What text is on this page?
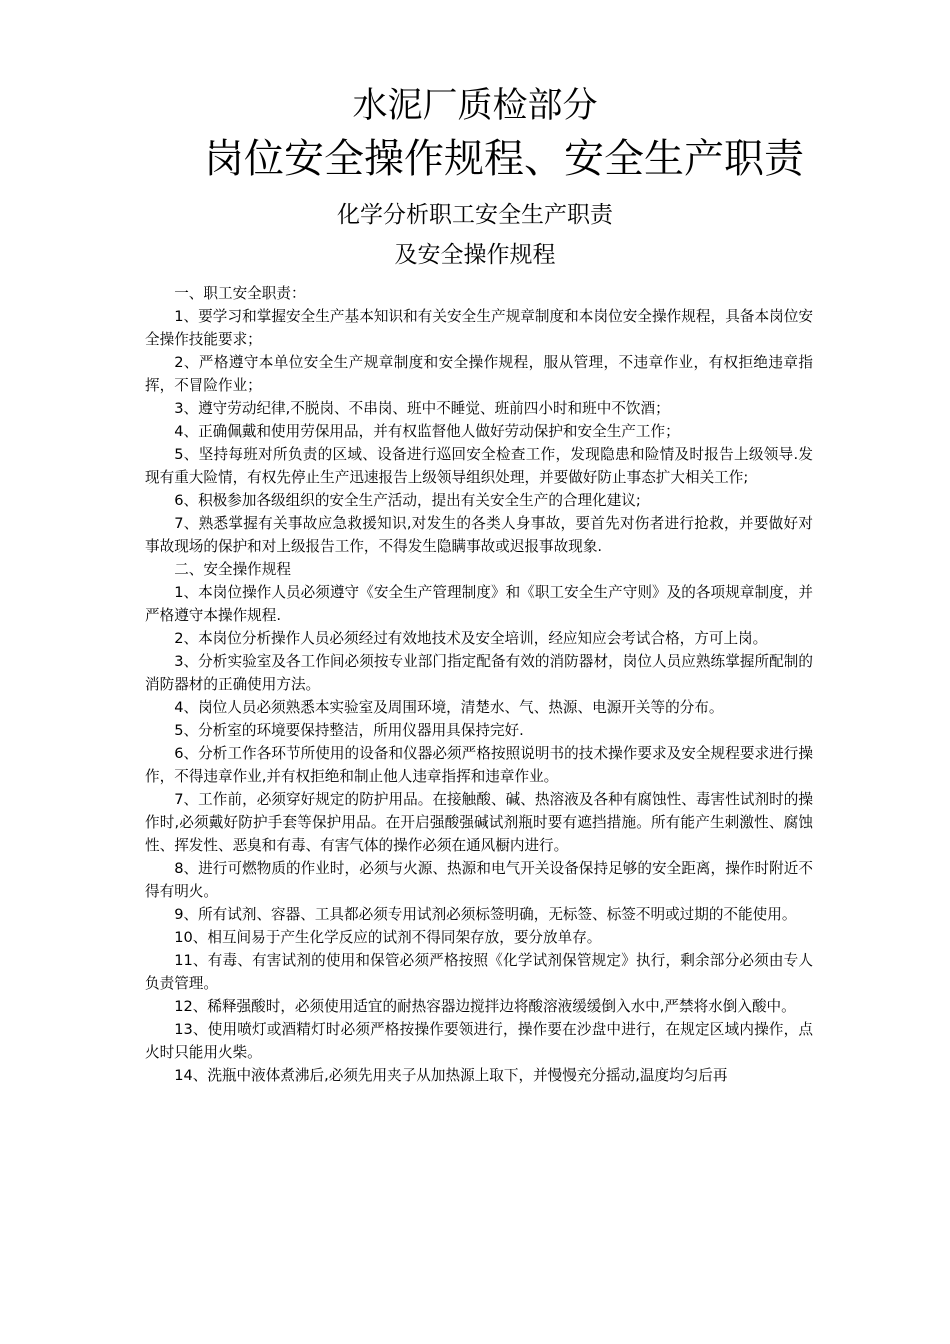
水泥厂质检部分
岗位安全操作规程、安全生产职责
化学分析职工安全生产职责
及安全操作规程

一、职工安全职责：

1、要学习和掌握安全生产基本知识和有关安全生产规章制度和本岗位安全操作规程，具备本岗位安全操作技能要求；

2、严格遵守本单位安全生产规章制度和安全操作规程，服从管理，不违章作业，有权拒绝违章指挥，不冒险作业；

3、遵守劳动纪律,不脱岗、不串岗、班中不睡觉、班前四小时和班中不饮酒；

4、正确佩戴和使用劳保用品，并有权监督他人做好劳动保护和安全生产工作；

5、坚持每班对所负责的区域、设备进行巡回安全检查工作，发现隐患和险情及时报告上级领导.发现有重大险情，有权先停止生产迅速报告上级领导组织处理，并要做好防止事态扩大相关工作;

6、积极参加各级组织的安全生产活动，提出有关安全生产的合理化建议;

7、熟悉掌握有关事故应急救援知识,对发生的各类人身事故，要首先对伤者进行抢救，并要做好对事故现场的保护和对上级报告工作，不得发生隐瞒事故或迟报事故现象.

二、安全操作规程

1、本岗位操作人员必须遵守《安全生产管理制度》和《职工安全生产守则》及的各项规章制度，并严格遵守本操作规程.

2、本岗位分析操作人员必须经过有效地技术及安全培训，经应知应会考试合格，方可上岗。

3、分析实验室及各工作间必须按专业部门指定配备有效的消防器材，岗位人员应熟练掌握所配制的消防器材的正确使用方法。

4、岗位人员必须熟悉本实验室及周围环境，清楚水、气、热源、电源开关等的分布。

5、分析室的环境要保持整洁，所用仪器用具保持完好.

6、分析工作各环节所使用的设备和仪器必须严格按照说明书的技术操作要求及安全规程要求进行操作，不得违章作业,并有权拒绝和制止他人违章指挥和违章作业。

7、工作前，必须穿好规定的防护用品。在接触酸、碱、热溶液及各种有腐蚀性、毒害性试剂时的操作时,必须戴好防护手套等保护用品。在开启强酸强碱试剂瓶时要有遮挡措施。所有能产生刺激性、腐蚀性、挥发性、恶臭和有毒、有害气体的操作必须在通风橱内进行。

8、进行可燃物质的作业时，必须与火源、热源和电气开关设备保持足够的安全距离，操作时附近不得有明火。

9、所有试剂、容器、工具都必须专用试剂必须标签明确，无标签、标签不明或过期的不能使用。

10、相互间易于产生化学反应的试剂不得同架存放，要分放单存。

11、有毒、有害试剂的使用和保管必须严格按照《化学试剂保管规定》执行，剩余部分必须由专人负责管理。

12、稀释强酸时，必须使用适宜的耐热容器边搅拌边将酸溶液缓缓倒入水中,严禁将水倒入酸中。

13、使用喷灯或酒精灯时必须严格按操作要领进行，操作要在沙盘中进行，在规定区域内操作，点火时只能用火柴。

14、洗瓶中液体煮沸后,必须先用夹子从加热源上取下，并慢慢充分摇动,温度均匀后再
